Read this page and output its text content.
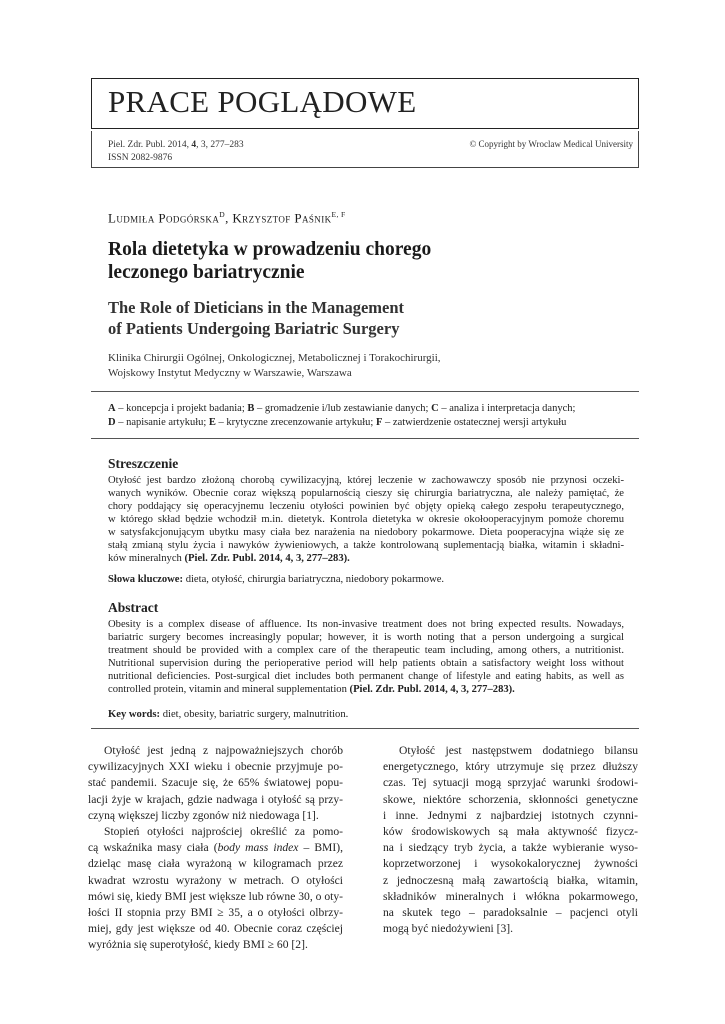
PRACE POGLĄDOWE
Piel. Zdr. Publ. 2014, 4, 3, 277–283
ISSN 2082-9876
© Copyright by Wroclaw Medical University
Ludmiła Podgórska$^D$, Krzysztof Paśnik$^{E, F}$
Rola dietetyka w prowadzeniu chorego
leczonego bariatrycznie
The Role of Dieticians in the Management
of Patients Undergoing Bariatric Surgery
Klinika Chirurgii Ogólnej, Onkologicznej, Metabolicznej i Torakochirurgii,
Wojskowy Instytut Medyczny w Warszawie, Warszawa
A – koncepcja i projekt badania; B – gromadzenie i/lub zestawianie danych; C – analiza i interpretacja danych;
D – napisanie artykułu; E – krytyczne zrecenzowanie artykułu; F – zatwierdzenie ostatecznej wersji artykułu
Streszczenie
Otyłość jest bardzo złożoną chorobą cywilizacyjną, której leczenie w zachowawczy sposób nie przynosi oczeki-
wanych wyników. Obecnie coraz większą popularnością cieszy się chirurgia bariatryczna, ale należy pamiętać, że
chory poddający się operacyjnemu leczeniu otyłości powinien być objęty opieką całego zespołu terapeutycznego,
w którego skład będzie wchodził m.in. dietetyk. Kontrola dietetyka w okresie okołooperacyjnym pomoże choremu
w satysfakcjonującym ubytku masy ciała bez narażenia na niedobory pokarmowe. Dieta pooperacyjna wiąże się ze
stałą zmianą stylu życia i nawyków żywieniowych, a także kontrolowaną suplementacją białka, witamin i składni-
ków mineralnych (Piel. Zdr. Publ. 2014, 4, 3, 277–283).
Słowa kluczowe: dieta, otyłość, chirurgia bariatryczna, niedobory pokarmowe.
Abstract
Obesity is a complex disease of affluence. Its non-invasive treatment does not bring expected results. Nowadays,
bariatric surgery becomes increasingly popular; however, it is worth noting that a person undergoing a surgical
treatment should be provided with a complex care of the therapeutic team including, among others, a nutritionist.
Nutritional supervision during the perioperative period will help patients obtain a satisfactory weight loss without
nutritional deficiencies. Post-surgical diet includes both permanent change of lifestyle and eating habits, as well as
controlled protein, vitamin and mineral supplementation (Piel. Zdr. Publ. 2014, 4, 3, 277–283).
Key words: diet, obesity, bariatric surgery, malnutrition.
Otyłość jest jedną z najpoważniejszych chorób
cywilizacyjnych XXI wieku i obecnie przyjmuje po-
stać pandemii. Szacuje się, że 65% światowej popu-
lacji żyje w krajach, gdzie nadwaga i otyłość są przy-
czyną większej liczby zgonów niż niedowaga [1].
Stopień otyłości najprościej określić za pomo-
cą wskaźnika masy ciała (body mass index – BMI),
dzieląc masę ciała wyrażoną w kilogramach przez
kwadrat wzrostu wyrażony w metrach. O otyłości
mówi się, kiedy BMI jest większe lub równe 30, o oty-
łości II stopnia przy BMI ≥ 35, a o otyłości olbrzy-
miej, gdy jest większe od 40. Obecnie coraz częściej
wyróżnia się superotyłość, kiedy BMI ≥ 60 [2].
Otyłość jest następstwem dodatniego bilansu
energetycznego, który utrzymuje się przez dłuższy
czas. Tej sytuacji mogą sprzyjać warunki środowi-
skowe, niektóre schorzenia, skłonności genetyczne
i inne. Jednymi z najbardziej istotnych czynni-
ków środowiskowych są mała aktywność fizycz-
na i siedzący tryb życia, a także wybieranie wyso-
koprzetworzonej i wysokokalorycznej żywności
z jednoczesną małą zawartością białka, witamin,
składników mineralnych i włókna pokarmowego,
na skutek tego – paradoksalnie – pacjenci otyli
mogą być niedożywieni [3].
